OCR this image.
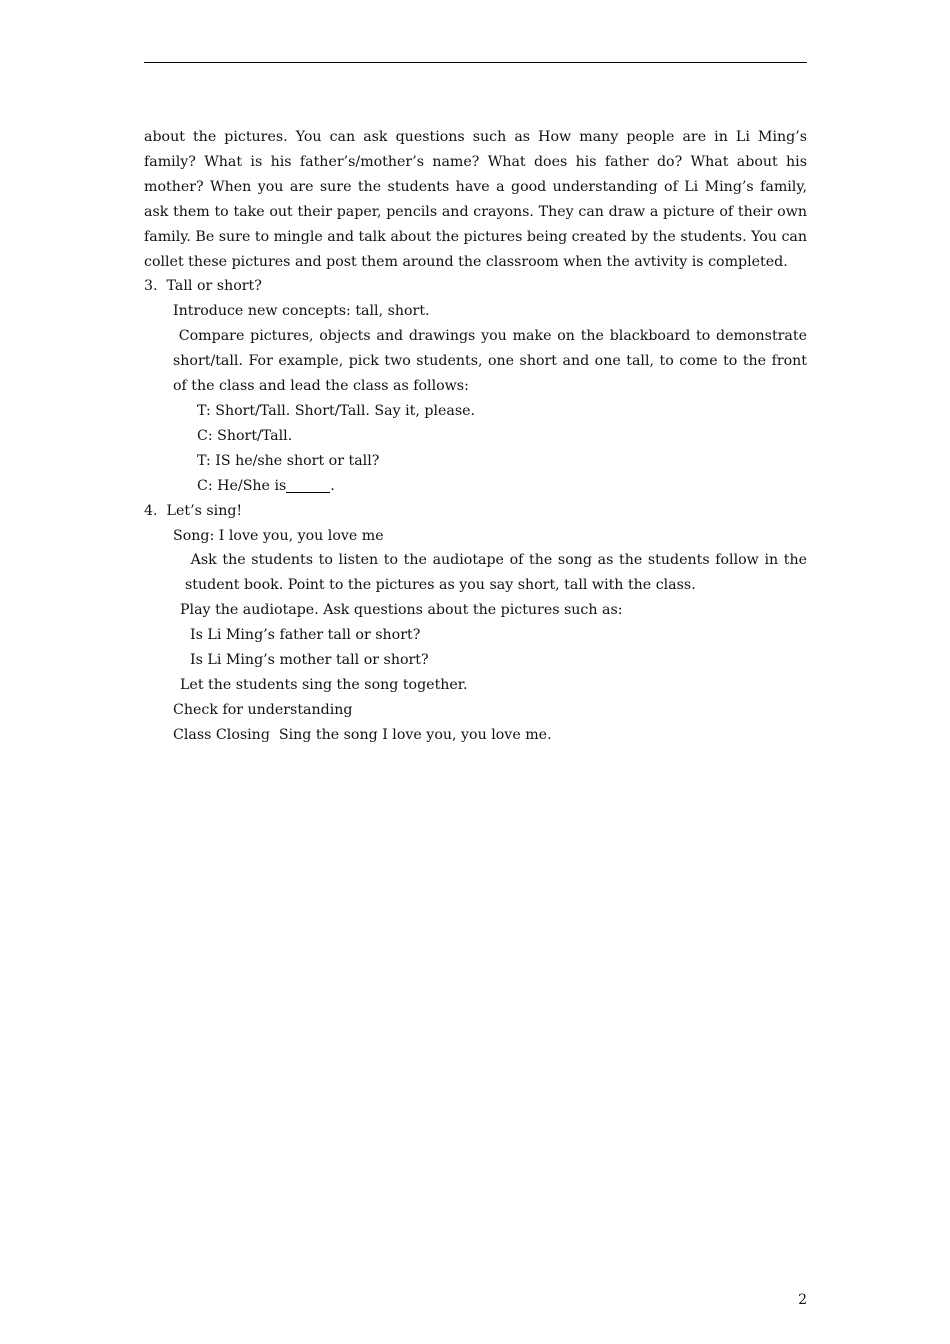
about the pictures. You can ask questions such as How many people are in Li Ming’s family? What is his father’s/mother’s name? What does his father do? What about his mother? When you are sure the students have a good understanding of Li Ming’s family, ask them to take out their paper, pencils and crayons. They can draw a picture of their own family. Be sure to mingle and talk about the pictures being created by the students. You can collet these pictures and post them around the classroom when the avtivity is completed.

3.  Tall or short?

Introduce new concepts: tall, short.

Compare pictures, objects and drawings you make on the blackboard to demonstrate short/tall. For example, pick two students, one short and one tall, to come to the front of the class and lead the class as follows:

T: Short/Tall. Short/Tall. Say it, please.

C: Short/Tall.

T: IS he/she short or tall?

C: He/She is	.

4.  Let’s sing!

Song: I love you, you love me

Ask the students to listen to the audiotape of the song as the students follow in the student book. Point to the pictures as you say short, tall with the class.

Play the audiotape. Ask questions about the pictures such as:

Is Li Ming’s father tall or short?

Is Li Ming’s mother tall or short?

Let the students sing the song together.

Check for understanding

Class Closing  Sing the song I love you, you love me.

2
